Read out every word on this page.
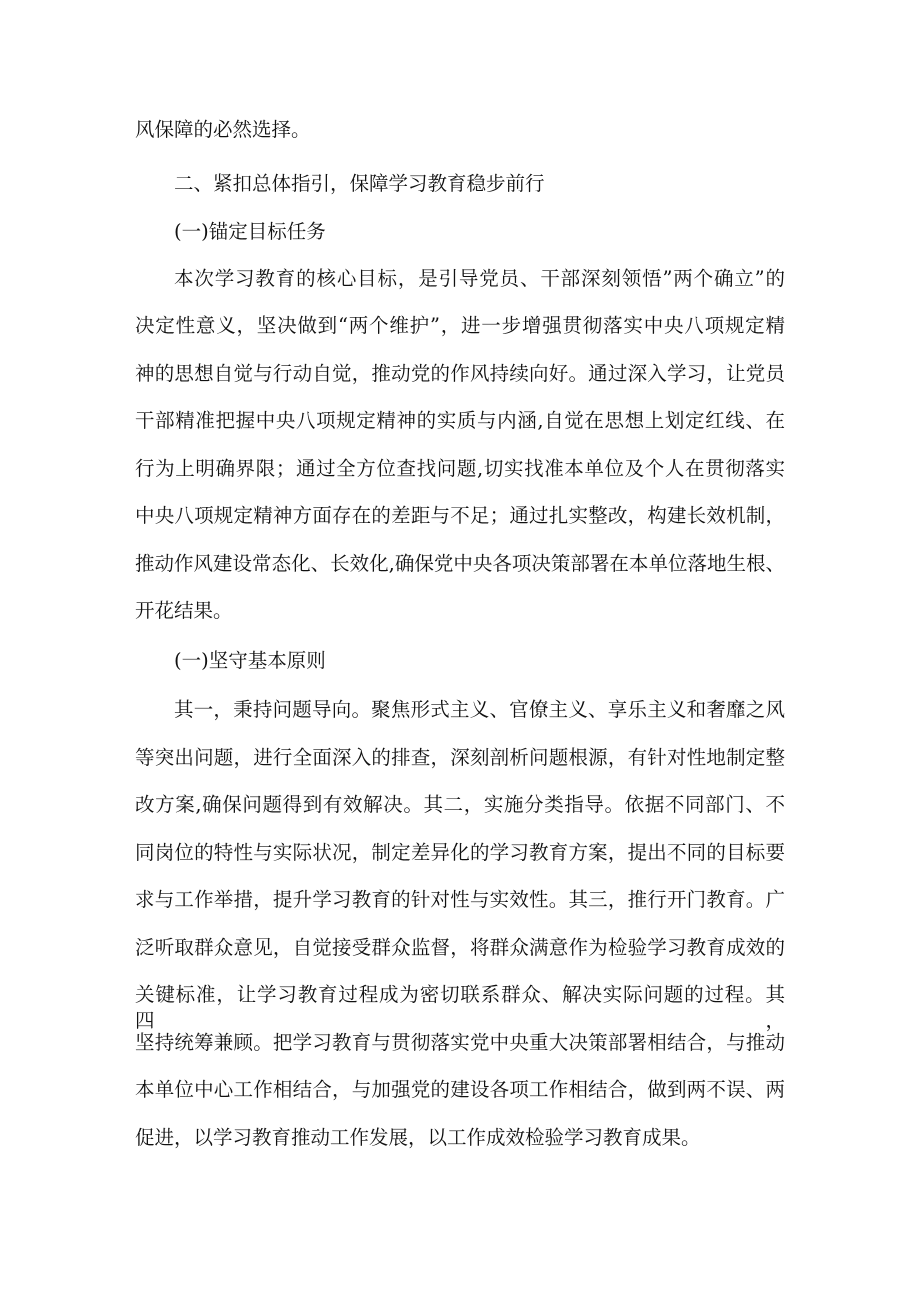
风保障的必然选择。

二、紧扣总体指引，保障学习教育稳步前行

(一)锚定目标任务

本次学习教育的核心目标，是引导党员、干部深刻领悟”两个确立”的

决定性意义，坚决做到“两个维护”，进一步增强贯彻落实中央八项规定精

神的思想自觉与行动自觉，推动党的作风持续向好。通过深入学习，让党员

干部精准把握中央八项规定精神的实质与内涵,自觉在思想上划定红线、在

行为上明确界限；通过全方位查找问题,切实找准本单位及个人在贯彻落实

中央八项规定精神方面存在的差距与不足；通过扎实整改，构建长效机制，

推动作风建设常态化、长效化,确保党中央各项决策部署在本单位落地生根、

开花结果。

(一)坚守基本原则

其一，秉持问题导向。聚焦形式主义、官僚主义、享乐主义和奢靡之风

等突出问题，进行全面深入的排查，深刻剖析问题根源，有针对性地制定整

改方案,确保问题得到有效解决。其二，实施分类指导。依据不同部门、不

同岗位的特性与实际状况，制定差异化的学习教育方案，提出不同的目标要

求与工作举措，提升学习教育的针对性与实效性。其三，推行开门教育。广

泛听取群众意见，自觉接受群众监督，将群众满意作为检验学习教育成效的

关键标准，让学习教育过程成为密切联系群众、解决实际问题的过程。其四，

坚持统筹兼顾。把学习教育与贯彻落实党中央重大决策部署相结合，与推动

本单位中心工作相结合，与加强党的建设各项工作相结合，做到两不误、两

促进，以学习教育推动工作发展，以工作成效检验学习教育成果。
